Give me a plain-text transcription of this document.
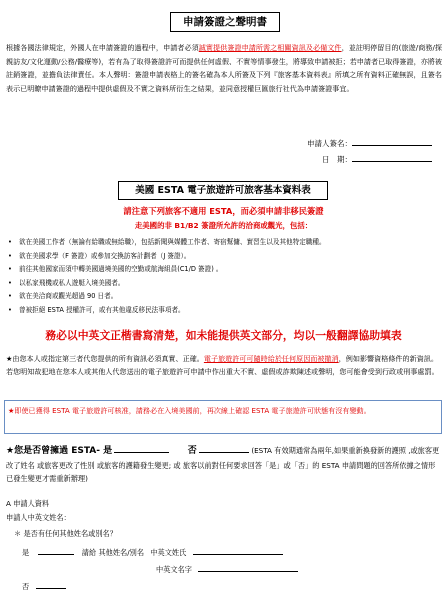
申請簽證之聲明書
根據各國法律規定，外國人在申請簽證的過程中，申請者必須誠實提供簽證申請所需之相關資訊及必備文件，並註明停留目的(旅遊/商務/探親訪友/文化運動/公務/醫療等)，若有為了取得簽證許可而提供任何虛假、不實等情事發生，將導致申請被拒；若申請者已取得簽證，亦將被註銷簽證，並擔負法律責任。本人聲明：簽證申請表格上的簽名確為本人所簽及下列『旅客基本資料表』所填之所有資料正確無誤，且簽名表示已明瞭申請簽證的過程中提供虛假及不實之資料所衍生之結果，並同意授權巨匯旅行社代為申請簽證事宜。
申請人簽名：
日　期：
美國 ESTA 電子旅遊許可旅客基本資料表
請注意下列旅客不適用 ESTA，而必須申請非移民簽證
走美國的非 B1/B2 簽證所允許的洽商或觀光，包括：
• 欲在美國工作者（無論有給職或無給職），包括新聞與媒體工作者、寄宿幫傭、實習生以及其他特定職種。
• 欲在美國求學（F 簽證）或參加交換訪客計劃者（J 簽證）。
• 前往其他國家而須中轉美國過境美國的空勤或航海組員(C1/D 簽證) 。
• 以私家飛機或私人遊艇入境美國者。
• 欲在美洽商或觀光超過 90 日者。
• 曾被拒絕 ESTA 授權許可，或有其他違反移民法事項者。
務必以中英文正楷書寫清楚，如未能提供英文部分，均以一般翻譯協助填表
★由您本人或指定第三者代您提供的所有資訊必須真實、正確。電子旅遊許可可隨時給於任何原因而被撤消，例如影響資格條件的新資訊。若您明知故犯地在您本人或其他人代您送出的電子旅遊許可申請中作出重大不實、虛假或詐欺陳述或聲明，您可能會受到行政或刑事處罰。
★即使已獲得 ESTA 電子旅遊許可核准，請務必在入境美國前，再次線上確認 ESTA 電子旅遊許可狀態有沒有變動。
★您是否曾擁過 ESTA- 是	否	(ESTA 有效期通常為兩年,如果重新換發新的護照 ,或旅客更改了姓名 或旅客更改了性別 或旅客的護籍發生變更; 或 旅客以前對任何要求回答「是」或「否」的 ESTA 申請問題的回答所依據之情形已發生變更才需重新辦理)
A 申請人資料
申請人中英文姓名：
＊ 是否有任何其他姓名或別名？
是	請給 其他姓名/別名 中英文姓氏
中英文名字
否
